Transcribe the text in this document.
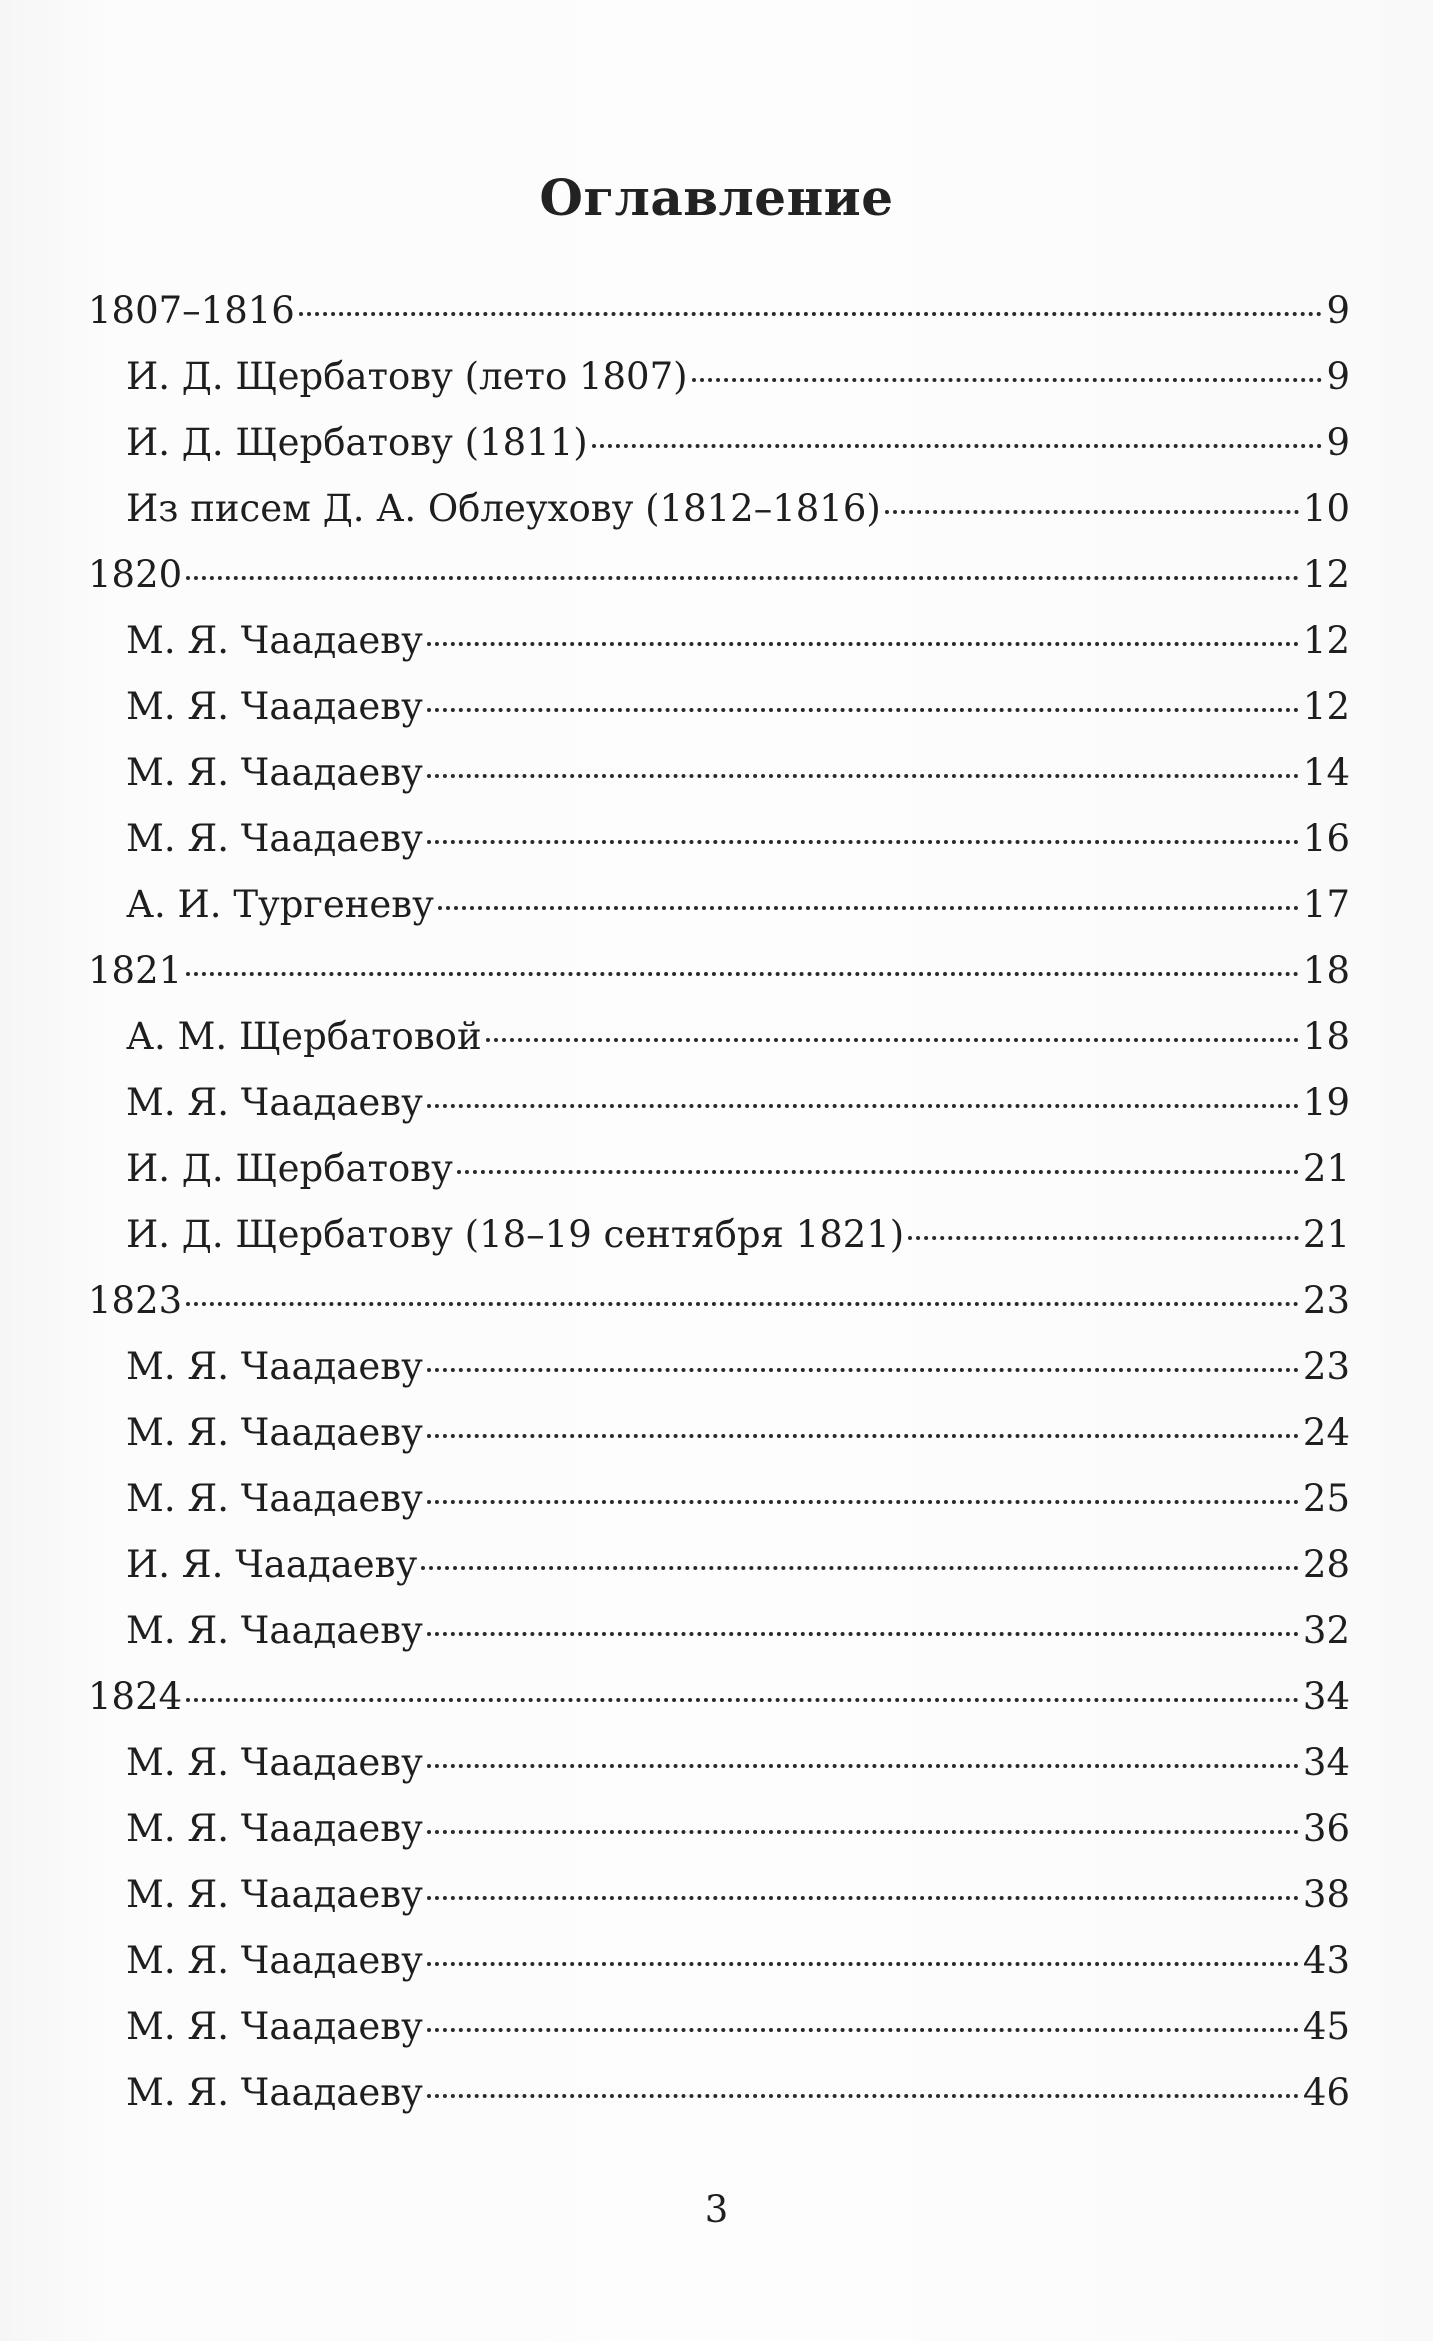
Оглавление
1807–1816	9
И. Д. Щербатову (лето 1807)	9
И. Д. Щербатову (1811)	9
Из писем Д. А. Облеухову (1812–1816)	10
1820	12
М. Я. Чаадаеву	12
М. Я. Чаадаеву	12
М. Я. Чаадаеву	14
М. Я. Чаадаеву	16
А. И. Тургеневу	17
1821	18
А. М. Щербатовой	18
М. Я. Чаадаеву	19
И. Д. Щербатову	21
И. Д. Щербатову (18–19 сентября 1821)	21
1823	23
М. Я. Чаадаеву	23
М. Я. Чаадаеву	24
М. Я. Чаадаеву	25
И. Я. Чаадаеву	28
М. Я. Чаадаеву	32
1824	34
М. Я. Чаадаеву	34
М. Я. Чаадаеву	36
М. Я. Чаадаеву	38
М. Я. Чаадаеву	43
М. Я. Чаадаеву	45
М. Я. Чаадаеву	46
3
